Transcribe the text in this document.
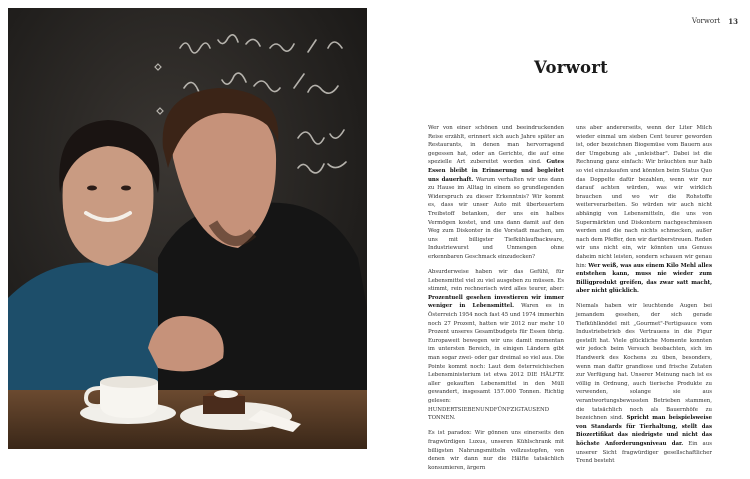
Vorwort 13
Vorwort

Wer von einer schönen und beeindruckenden Reise erzählt, erinnert sich auch Jahre später an Restaurants, in denen man hervorragend gegessen hat, oder an Gerichte, die auf eine spezielle Art zubereitet worden sind. Gutes Essen bleibt in Erinnerung und begleitet uns dauerhaft. Warum verhalten wir uns dann zu Hause im Alltag in einem so grundlegenden Widerspruch zu dieser Erkenntnis? Wir kommt es, dass wir unser Auto mit überteuertem Treibstoff betanken, der uns ein halbes Vermögen kostet, und uns dann damit auf den Weg zum Diskonter in die Vorstadt machen, um uns mit billigster Tiefkühlaufbackware, Industriewurst und Unmengen ohne erkennbaren Geschmack einzudecken?

Absurderweise haben wir das Gefühl, für Lebensmittel viel zu viel ausgeben zu müssen. Es stimmt, rein rechnerisch wird alles teurer, aber: Prozentuell gesehen investieren wir immer weniger in Lebensmittel. Waren es in Österreich 1954 noch fast 45 und 1974 immerhin noch 27 Prozent, hatten wir 2012 nur mehr 10 Prozent unseres Gesamtbudgets für Essen übrig. Europaweit bewegen wir uns damit momentan im untersten Bereich, in einigen Ländern gibt man sogar zwei- oder gar dreimal so viel aus. Die Pointe kommt noch: Laut dem österreichischen Lebensministerium ist etwa 2012 DIE HÄLFTE aller gekauften Lebensmittel in den Müll gewandert, insgesamt 157.000 Tonnen. Richtig gelesen: HUNDERTSIEBENUNDFÜNFZIGTAUSEND TONNEN.

Es ist paradox: Wir gönnen uns einerseits den fragwürdigen Luxus, unseren Kühlschrank mit billigsten Nahrungsmitteln vollzustopfen, von denen wir dann nur die Hälfte tatsächlich konsumieren, ärgern

uns aber andererseits, wenn der Liter Milch wieder einmal um sieben Cent teurer geworden ist, oder bezeichnen Biogemüse vom Bauern aus der Umgebung als „unleistbar". Dabei ist die Rechnung ganz einfach: Wir bräuchten nur halb so viel einzukaufen und könnten beim Status Quo das Doppelte dafür bezahlen, wenn wir nur darauf achten würden, was wir wirklich brauchen und wo wir die Rohstoffe weiterverarbeiten. So würden wir auch nicht abhängig von Lebensmitteln, die uns von Supermärkten und Diskontern nachgeschmissen werden und die nach nichts schmecken, außer nach dem Pfeffer, den wir darüberstreuen. Reden wir uns nicht ein, wir könnten uns Genuss daheim nicht leisten, sondern schauen wir genau hin: Wer weiß, was aus einem Kilo Mehl alles entstehen kann, muss nie wieder zum Billigprodukt greifen, das zwar satt macht, aber nicht glücklich.

Niemals haben wir leuchtende Augen bei jemandem gesehen, der sich gerade Tiefkühlknödel mit „Gourmet"-Fertigsauce vom Industriebetrieb des Vertrauens in die Figur gestellt hat. Viele glückliche Momente konnten wir jedoch beim Versuch beobachten, sich im Handwerk des Kochens zu üben, besonders, wenn man dafür grandiose und frische Zutaten zur Verfügung hat. Unserer Meinung nach ist es völlig in Ordnung, auch tierische Produkte zu verwenden, solange sie aus verantwortungsbewussten Betrieben stammen, die tatsächlich noch als Bauernhöfe zu bezeichnen sind. Spricht man beispielsweise von Standards für Tierhaltung, stellt das Biozertifikat das niedrigste und nicht das höchste Anforderungsniveau dar. Ein aus unserer Sicht fragwürdiger gesellschaftlicher Trend besteht
